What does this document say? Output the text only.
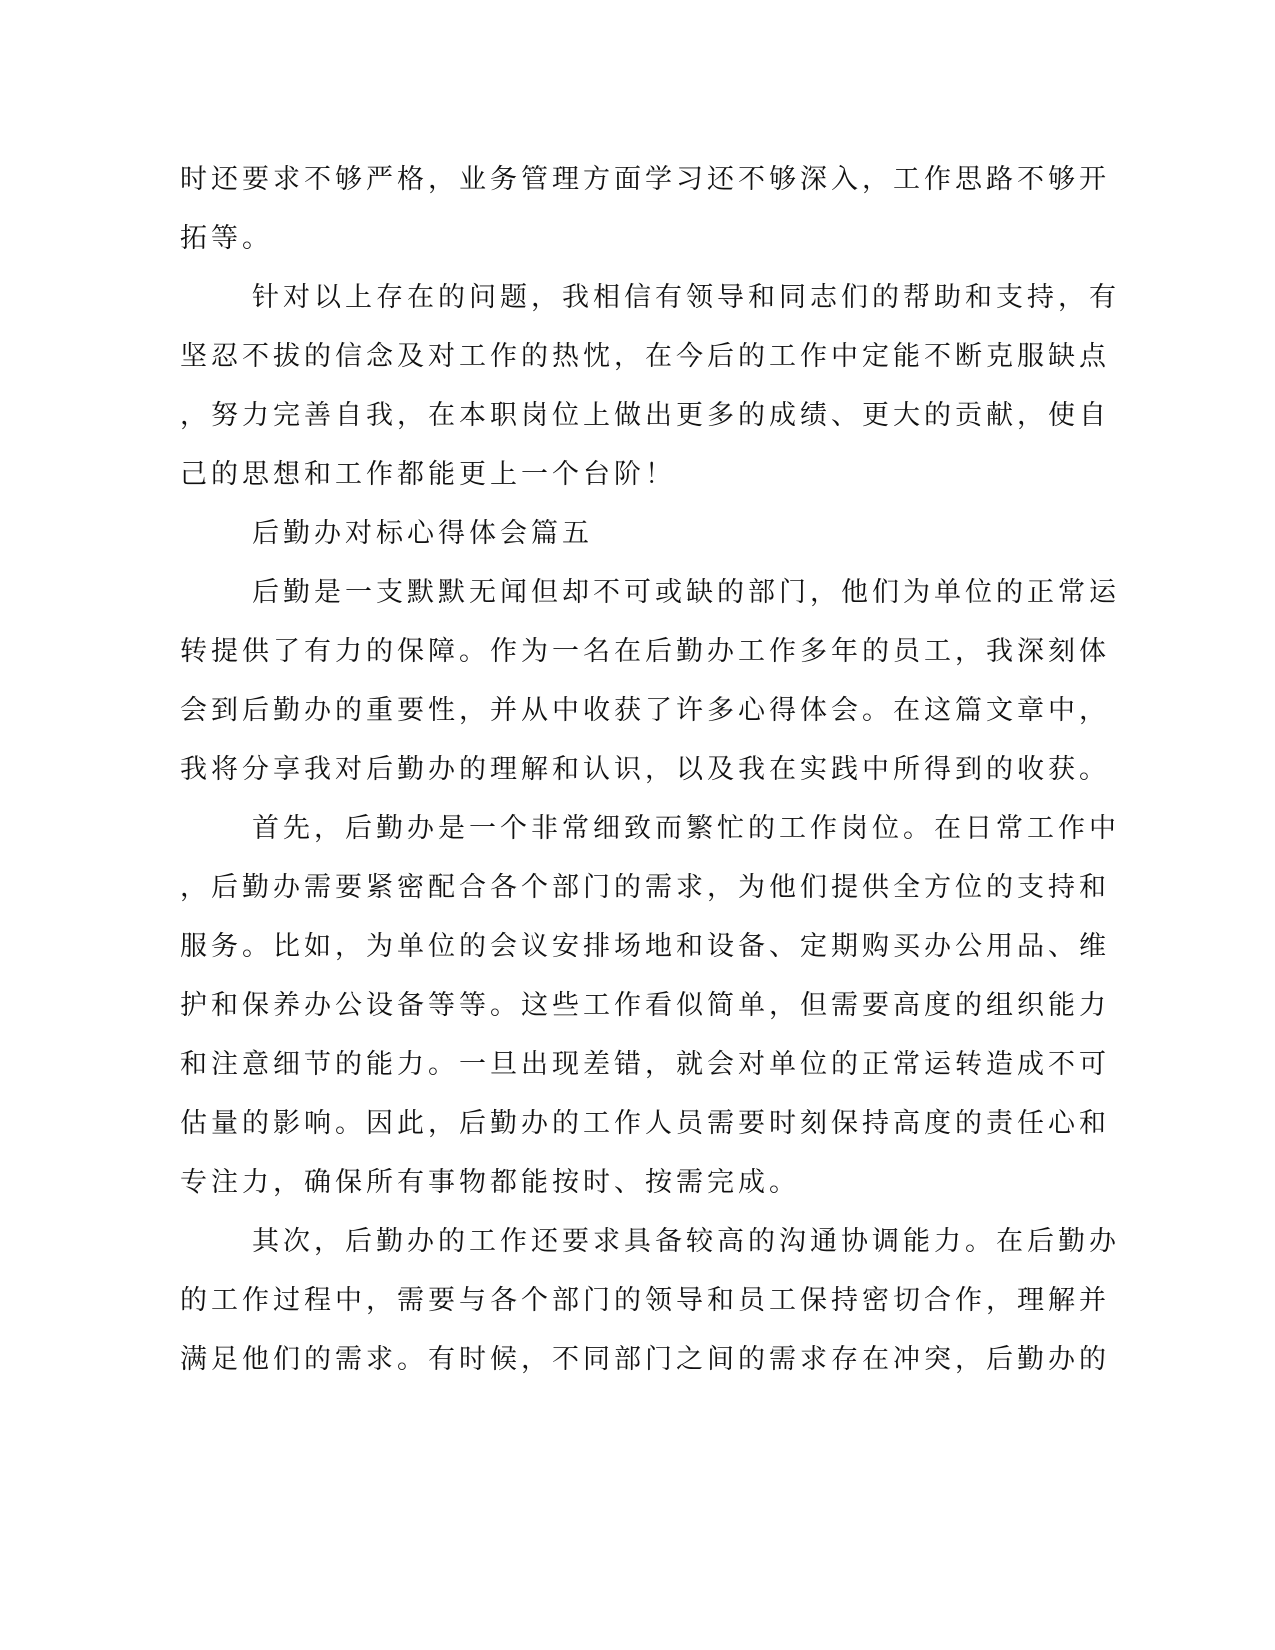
时还要求不够严格，业务管理方面学习还不够深入，工作思路不够开
拓等。
针对以上存在的问题，我相信有领导和同志们的帮助和支持，有
坚忍不拔的信念及对工作的热忱，在今后的工作中定能不断克服缺点
，努力完善自我，在本职岗位上做出更多的成绩、更大的贡献，使自
己的思想和工作都能更上一个台阶！
后勤办对标心得体会篇五
后勤是一支默默无闻但却不可或缺的部门，他们为单位的正常运
转提供了有力的保障。作为一名在后勤办工作多年的员工，我深刻体
会到后勤办的重要性，并从中收获了许多心得体会。在这篇文章中，
我将分享我对后勤办的理解和认识，以及我在实践中所得到的收获。
首先，后勤办是一个非常细致而繁忙的工作岗位。在日常工作中
，后勤办需要紧密配合各个部门的需求，为他们提供全方位的支持和
服务。比如，为单位的会议安排场地和设备、定期购买办公用品、维
护和保养办公设备等等。这些工作看似简单，但需要高度的组织能力
和注意细节的能力。一旦出现差错，就会对单位的正常运转造成不可
估量的影响。因此，后勤办的工作人员需要时刻保持高度的责任心和
专注力，确保所有事物都能按时、按需完成。
其次，后勤办的工作还要求具备较高的沟通协调能力。在后勤办
的工作过程中，需要与各个部门的领导和员工保持密切合作，理解并
满足他们的需求。有时候，不同部门之间的需求存在冲突，后勤办的
